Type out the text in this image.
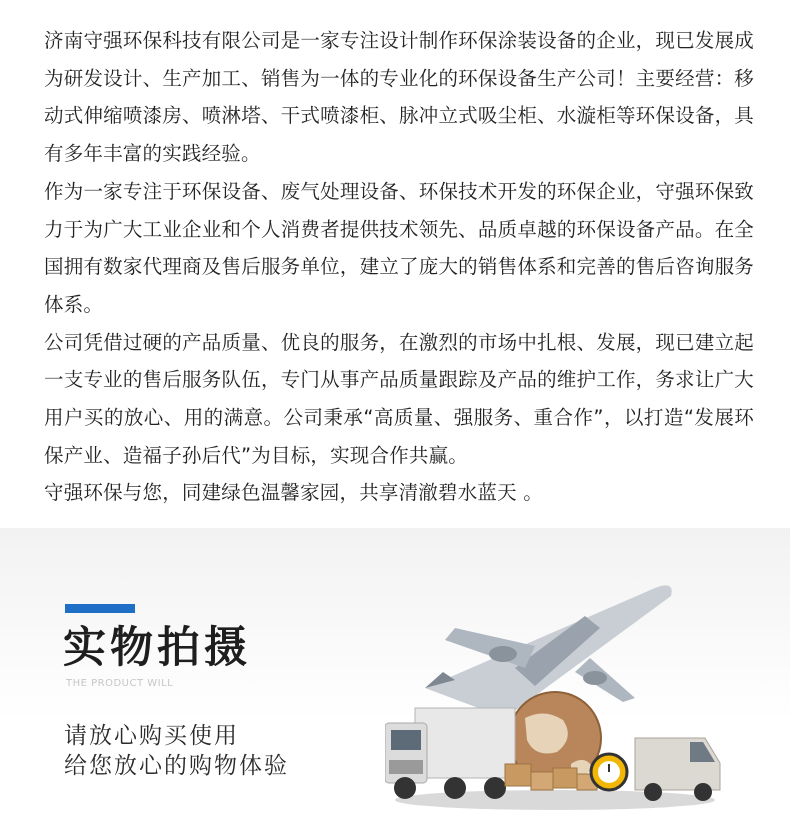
济南守强环保科技有限公司是一家专注设计制作环保涂装设备的企业，现已发展成为研发设计、生产加工、销售为一体的专业化的环保设备生产公司！主要经营：移动式伸缩喷漆房、喷淋塔、干式喷漆柜、脉冲立式吸尘柜、水漩柜等环保设备，具有多年丰富的实践经验。

作为一家专注于环保设备、废气处理设备、环保技术开发的环保企业，守强环保致力于为广大工业企业和个人消费者提供技术领先、品质卓越的环保设备产品。在全国拥有数家代理商及售后服务单位，建立了庞大的销售体系和完善的售后咨询服务体系。

公司凭借过硬的产品质量、优良的服务，在激烈的市场中扎根、发展，现已建立起一支专业的售后服务队伍，专门从事产品质量跟踪及产品的维护工作，务求让广大用户买的放心、用的满意。公司秉承“高质量、强服务、重合作”，以打造“发展环保产业、造福子孙后代”为目标，实现合作共赢。

守强环保与您，同建绿色温馨家园，共享清澈碧水蓝天 。

实物拍摄
THE PRODUCT WILL
请放心购买使用
给您放心的购物体验
